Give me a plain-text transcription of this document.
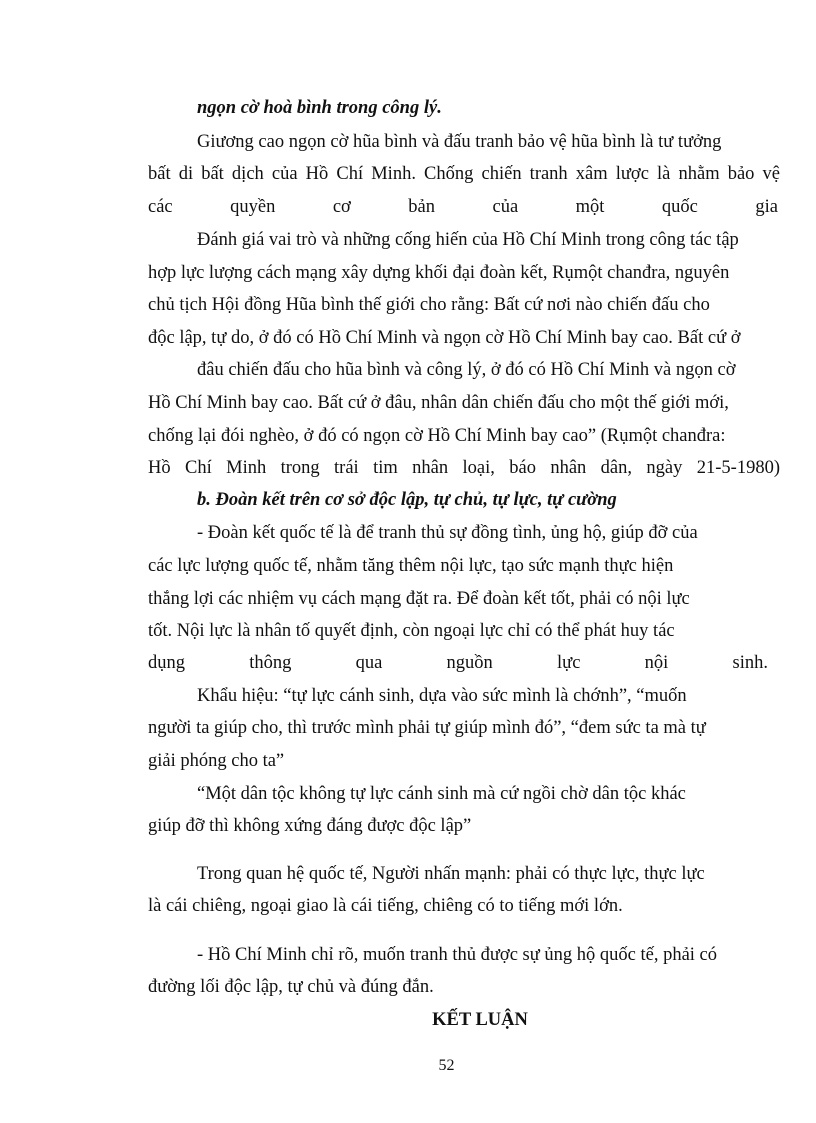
ngọn cờ hoà bình trong công lý.
Giương cao ngọn cờ hũa bình và đấu tranh bảo vệ hũa bình là tư tưởng
bất di bất dịch của Hồ Chí Minh. Chống chiến tranh xâm lược là nhằm bảo vệ
các quyền cơ bản của một quốc gia
Đánh giá vai trò và những cống hiến của Hồ Chí Minh trong công tác tập
hợp lực lượng cách mạng xây dựng khối đại đoàn kết, Rụmột chanđra, nguyên
chủ tịch Hội đồng Hũa bình thế giới cho rằng: Bất cứ nơi nào chiến đấu cho
độc lập, tự do, ở đó có Hồ Chí Minh và ngọn cờ Hồ Chí Minh bay cao. Bất cứ ở
đâu chiến đấu cho hũa bình và công lý, ở đó có Hồ Chí Minh và ngọn cờ
Hồ Chí Minh bay cao. Bất cứ ở đâu, nhân dân chiến đấu cho một thế giới mới,
chống lại đói nghèo, ở đó có ngọn cờ Hồ Chí Minh bay cao” (Rụmột chanđra:
Hồ Chí Minh trong trái tim nhân loại, báo nhân dân, ngày 21-5-1980)
b. Đoàn kết trên cơ sở độc lập, tự chủ, tự lực, tự cường
- Đoàn kết quốc tế là để tranh thủ sự đồng tình, ủng hộ, giúp đỡ của
các lực lượng quốc tế, nhằm tăng thêm nội lực, tạo sức mạnh thực hiện
thắng lợi các nhiệm vụ cách mạng đặt ra. Để đoàn kết tốt, phải có nội lực
tốt. Nội lực là nhân tố quyết định, còn ngoại lực chỉ có thể phát huy tác
dụng thông qua nguồn lực nội sinh.
Khẩu hiệu: “tự lực cánh sinh, dựa vào sức mình là chớnh”, “muốn
người ta giúp cho, thì trước mình phải tự giúp mình đó”, “đem sức ta mà tự
giải phóng cho ta”
“Một dân tộc không tự lực cánh sinh mà cứ ngồi chờ dân tộc khác
giúp đỡ thì không xứng đáng được độc lập”
Trong quan hệ quốc tế, Người nhấn mạnh: phải có thực lực, thực lực
là cái chiêng, ngoại giao là cái tiếng, chiêng có to tiếng mới lớn.
- Hồ Chí Minh chỉ rõ, muốn tranh thủ được sự ủng hộ quốc tế, phải có
đường lối độc lập, tự chủ và đúng đắn.
KẾT LUẬN
52
